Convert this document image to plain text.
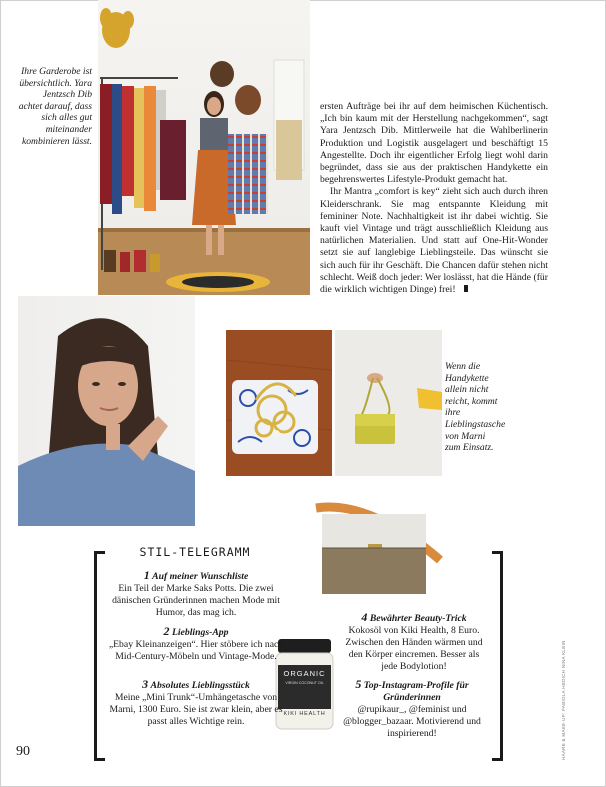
Ihre Garderobe ist übersichtlich. Yara Jentzsch Dib achtet darauf, dass sich alles gut miteinander kombinieren lässt.

ersten Aufträge bei ihr auf dem heimischen Küchentisch. „Ich bin kaum mit der Herstellung nachgekommen“, sagt Yara Jentzsch Dib. Mittlerweile hat die Wahlberlinerin Produktion und Logistik ausgelagert und beschäftigt 15 Angestellte. Doch ihr eigentlicher Erfolg liegt wohl darin begründet, dass sie aus der praktischen Handykette ein begehrenswertes Lifestyle-Produkt gemacht hat.

Ihr Mantra „comfort is key“ zieht sich auch durch ihren Kleiderschrank. Sie mag entspannte Kleidung mit femininer Note. Nachhaltigkeit ist ihr dabei wichtig. Sie kauft viel Vintage und trägt ausschließlich Kleidung aus natürlichen Materialien. Und statt auf One-Hit-Wonder setzt sie auf langlebige Lieblingsteile. Das wünscht sie sich auch für ihr Geschäft. Die Chancen dafür stehen nicht schlecht. Weiß doch jeder: Wer loslässt, hat die Hände (für die wirklich wichtigen Dinge) frei!

Wenn die Handykette allein nicht reicht, kommt ihre Lieblingstasche von Marni zum Einsatz.
ORGANIC
VIRGIN COCONUT OIL
KIKI HEALTH
STIL-TELEGRAMM
1 Auf meiner Wunschliste
Ein Teil der Marke Saks Potts. Die zwei dänischen Gründerinnen machen Mode mit Humor, das mag ich.
2 Lieblings-App
„Ebay Kleinanzeigen“. Hier stöbere ich nach Mid-Century-Möbeln und Vintage-Mode.
3 Absolutes Lieblingsstück
Meine „Mini Trunk“-Umhängetasche von Marni, 1300 Euro. Sie ist zwar klein, aber es passt alles Wichtige rein.
4 Bewährter Beauty-Trick
Kokosöl von Kiki Health, 8 Euro. Zwischen den Händen wärmen und den Körper eincremen. Besser als jede Bodylotion!
5 Top-Instagram-Profile für Gründerinnen
@rupikaur_, @feminist und @blogger_bazaar. Motivierend und inspirierend!
90	HAARE & MAKE-UP: FABIOLA HEDICH NINA KLEIN
